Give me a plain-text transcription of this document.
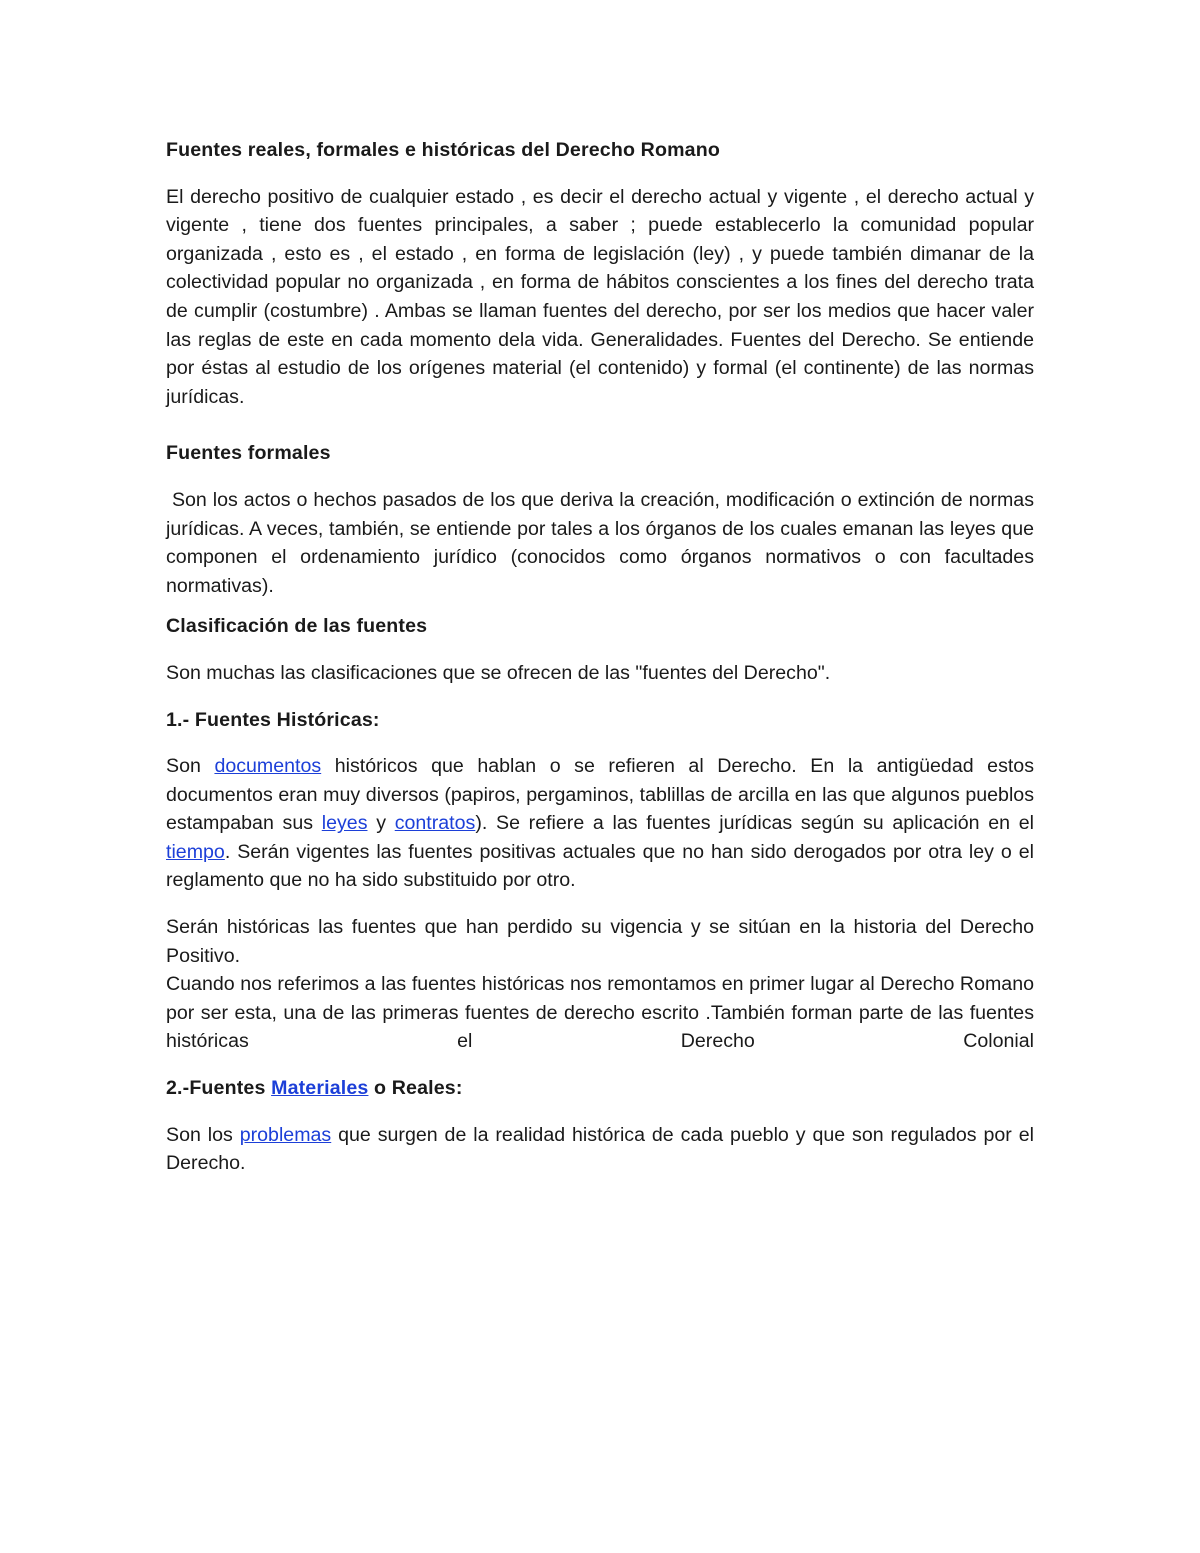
Fuentes reales, formales e históricas del Derecho Romano

El derecho positivo de cualquier estado , es decir el derecho actual y vigente , el derecho actual y vigente , tiene dos fuentes principales, a saber ; puede establecerlo la comunidad popular organizada , esto es , el estado , en forma de legislación (ley) , y puede también dimanar de la colectividad popular no organizada , en forma de hábitos conscientes a los fines del derecho trata de cumplir (costumbre) . Ambas se llaman fuentes del derecho, por ser los medios que hacer valer las reglas de este en cada momento dela vida. Generalidades. Fuentes del Derecho. Se entiende por éstas al estudio de los orígenes material (el contenido) y formal (el continente) de las normas jurídicas.

Fuentes formales

Son los actos o hechos pasados de los que deriva la creación, modificación o extinción de normas jurídicas. A veces, también, se entiende por tales a los órganos de los cuales emanan las leyes que componen el ordenamiento jurídico (conocidos como órganos normativos o con facultades normativas).

Clasificación de las fuentes

Son muchas las clasificaciones que se ofrecen de las "fuentes del Derecho".

1.- Fuentes Históricas:

Son documentos históricos que hablan o se refieren al Derecho. En la antigüedad estos documentos eran muy diversos (papiros, pergaminos, tablillas de arcilla en las que algunos pueblos estampaban sus leyes y contratos). Se refiere a las fuentes jurídicas según su aplicación en el tiempo. Serán vigentes las fuentes positivas actuales que no han sido derogados por otra ley o el reglamento que no ha sido substituido por otro.

Serán históricas las fuentes que han perdido su vigencia y se sitúan en la historia del Derecho Positivo.

Cuando nos referimos a las fuentes históricas nos remontamos en primer lugar al Derecho Romano por ser esta, una de las primeras fuentes de derecho escrito .También forman parte de las fuentes históricas el Derecho Colonial

2.-Fuentes Materiales o Reales:

Son los problemas que surgen de la realidad histórica de cada pueblo y que son regulados por el Derecho.
